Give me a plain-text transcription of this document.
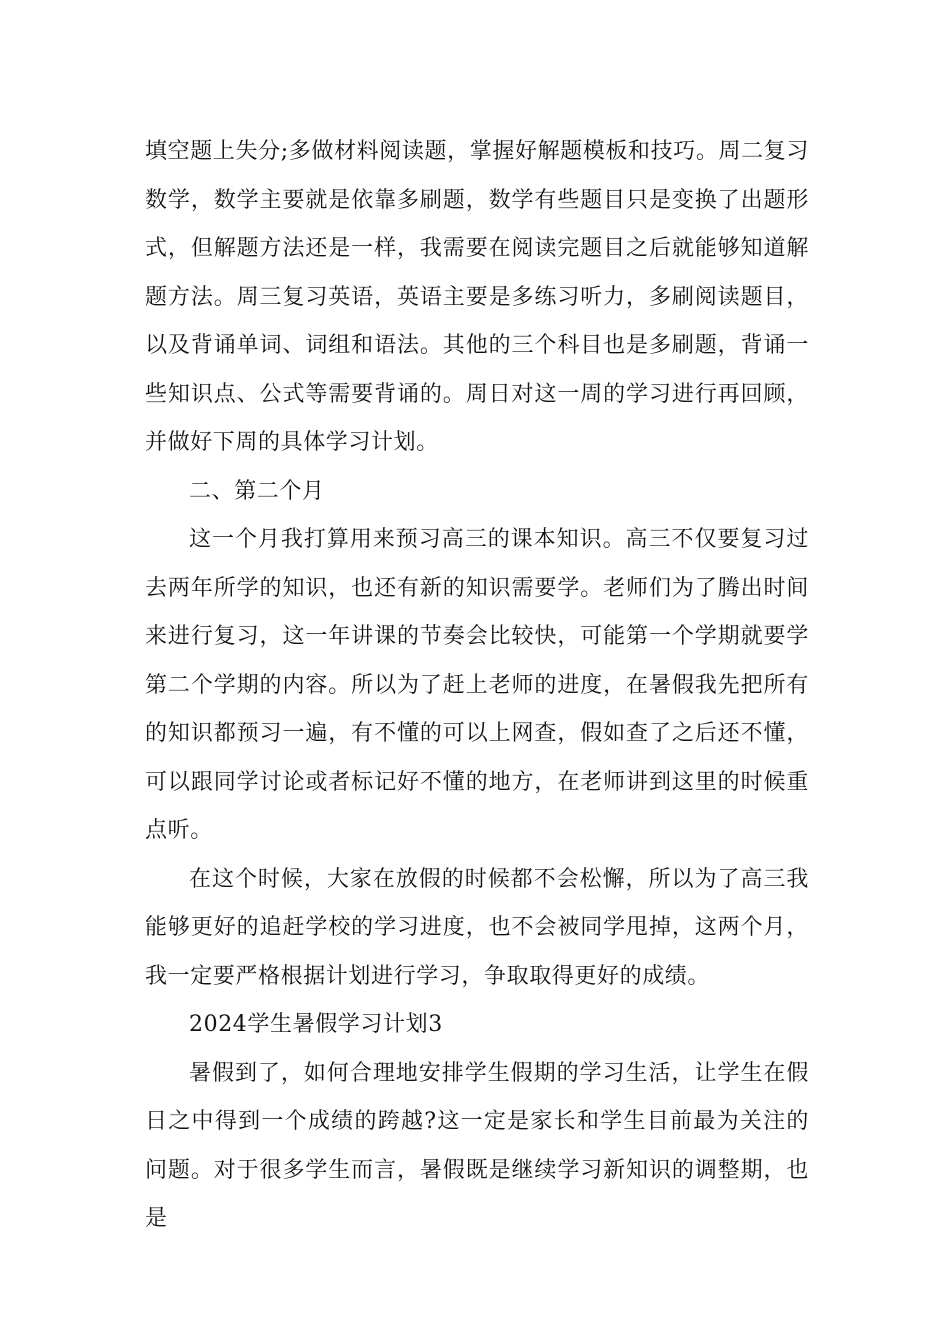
填空题上失分;多做材料阅读题，掌握好解题模板和技巧。周二复习数学，数学主要就是依靠多刷题，数学有些题目只是变换了出题形式，但解题方法还是一样，我需要在阅读完题目之后就能够知道解题方法。周三复习英语，英语主要是多练习听力，多刷阅读题目，以及背诵单词、词组和语法。其他的三个科目也是多刷题，背诵一些知识点、公式等需要背诵的。周日对这一周的学习进行再回顾，并做好下周的具体学习计划。

二、第二个月

这一个月我打算用来预习高三的课本知识。高三不仅要复习过去两年所学的知识，也还有新的知识需要学。老师们为了腾出时间来进行复习，这一年讲课的节奏会比较快，可能第一个学期就要学第二个学期的内容。所以为了赶上老师的进度，在暑假我先把所有的知识都预习一遍，有不懂的可以上网查，假如查了之后还不懂，可以跟同学讨论或者标记好不懂的地方，在老师讲到这里的时候重点听。

在这个时候，大家在放假的时候都不会松懈，所以为了高三我能够更好的追赶学校的学习进度，也不会被同学甩掉，这两个月，我一定要严格根据计划进行学习，争取取得更好的成绩。

2024学生暑假学习计划3

暑假到了，如何合理地安排学生假期的学习生活，让学生在假日之中得到一个成绩的跨越?这一定是家长和学生目前最为关注的问题。对于很多学生而言，暑假既是继续学习新知识的调整期，也是
